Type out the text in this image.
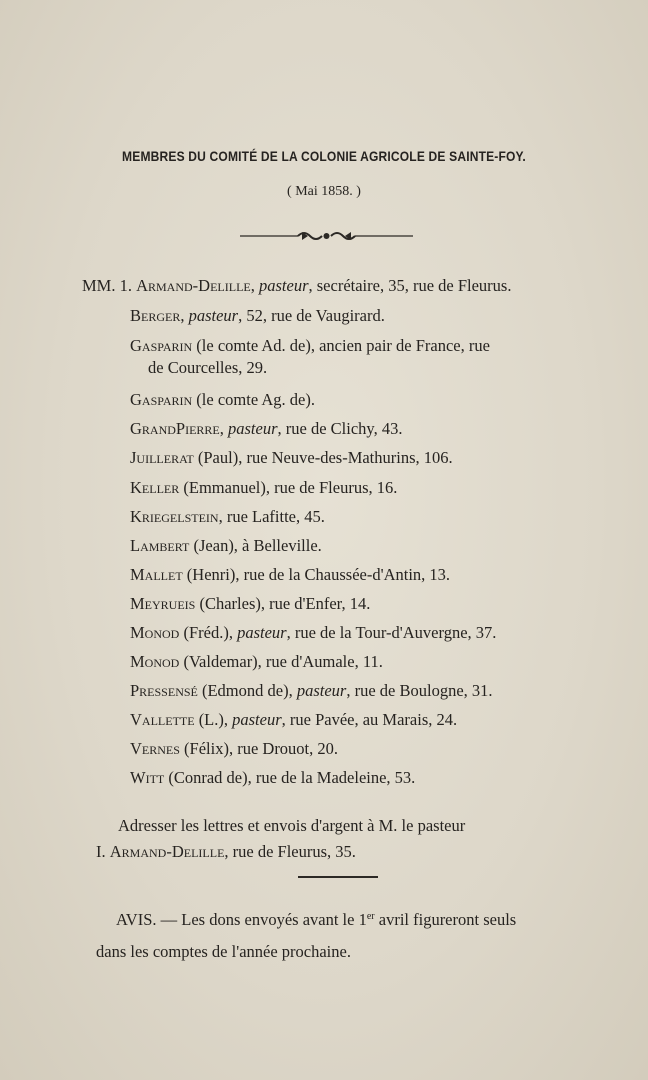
MEMBRES DU COMITÉ DE LA COLONIE AGRICOLE DE SAINTE-FOY.
( Mai 1858. )
MM. 1. Armand-Delille, pasteur, secrétaire, 35, rue de Fleurus.
Berger, pasteur, 52, rue de Vaugirard.
Gasparin (le comte Ad. de), ancien pair de France, rue
de Courcelles, 29.
Gasparin (le comte Ag. de).
GrandPierre, pasteur, rue de Clichy, 43.
Juillerat (Paul), rue Neuve-des-Mathurins, 106.
Keller (Emmanuel), rue de Fleurus, 16.
Kriegelstein, rue Lafitte, 45.
Lambert (Jean), à Belleville.
Mallet (Henri), rue de la Chaussée-d'Antin, 13.
Meyrueis (Charles), rue d'Enfer, 14.
Monod (Fréd.), pasteur, rue de la Tour-d'Auvergne, 37.
Monod (Valdemar), rue d'Aumale, 11.
Pressensé (Edmond de), pasteur, rue de Boulogne, 31.
Vallette (L.), pasteur, rue Pavée, au Marais, 24.
Vernes (Félix), rue Drouot, 20.
Witt (Conrad de), rue de la Madeleine, 53.
Adresser les lettres et envois d'argent à M. le pasteur
I. Armand-Delille, rue de Fleurus, 35.
AVIS. — Les dons envoyés avant le 1er avril figureront seuls
dans les comptes de l'année prochaine.
